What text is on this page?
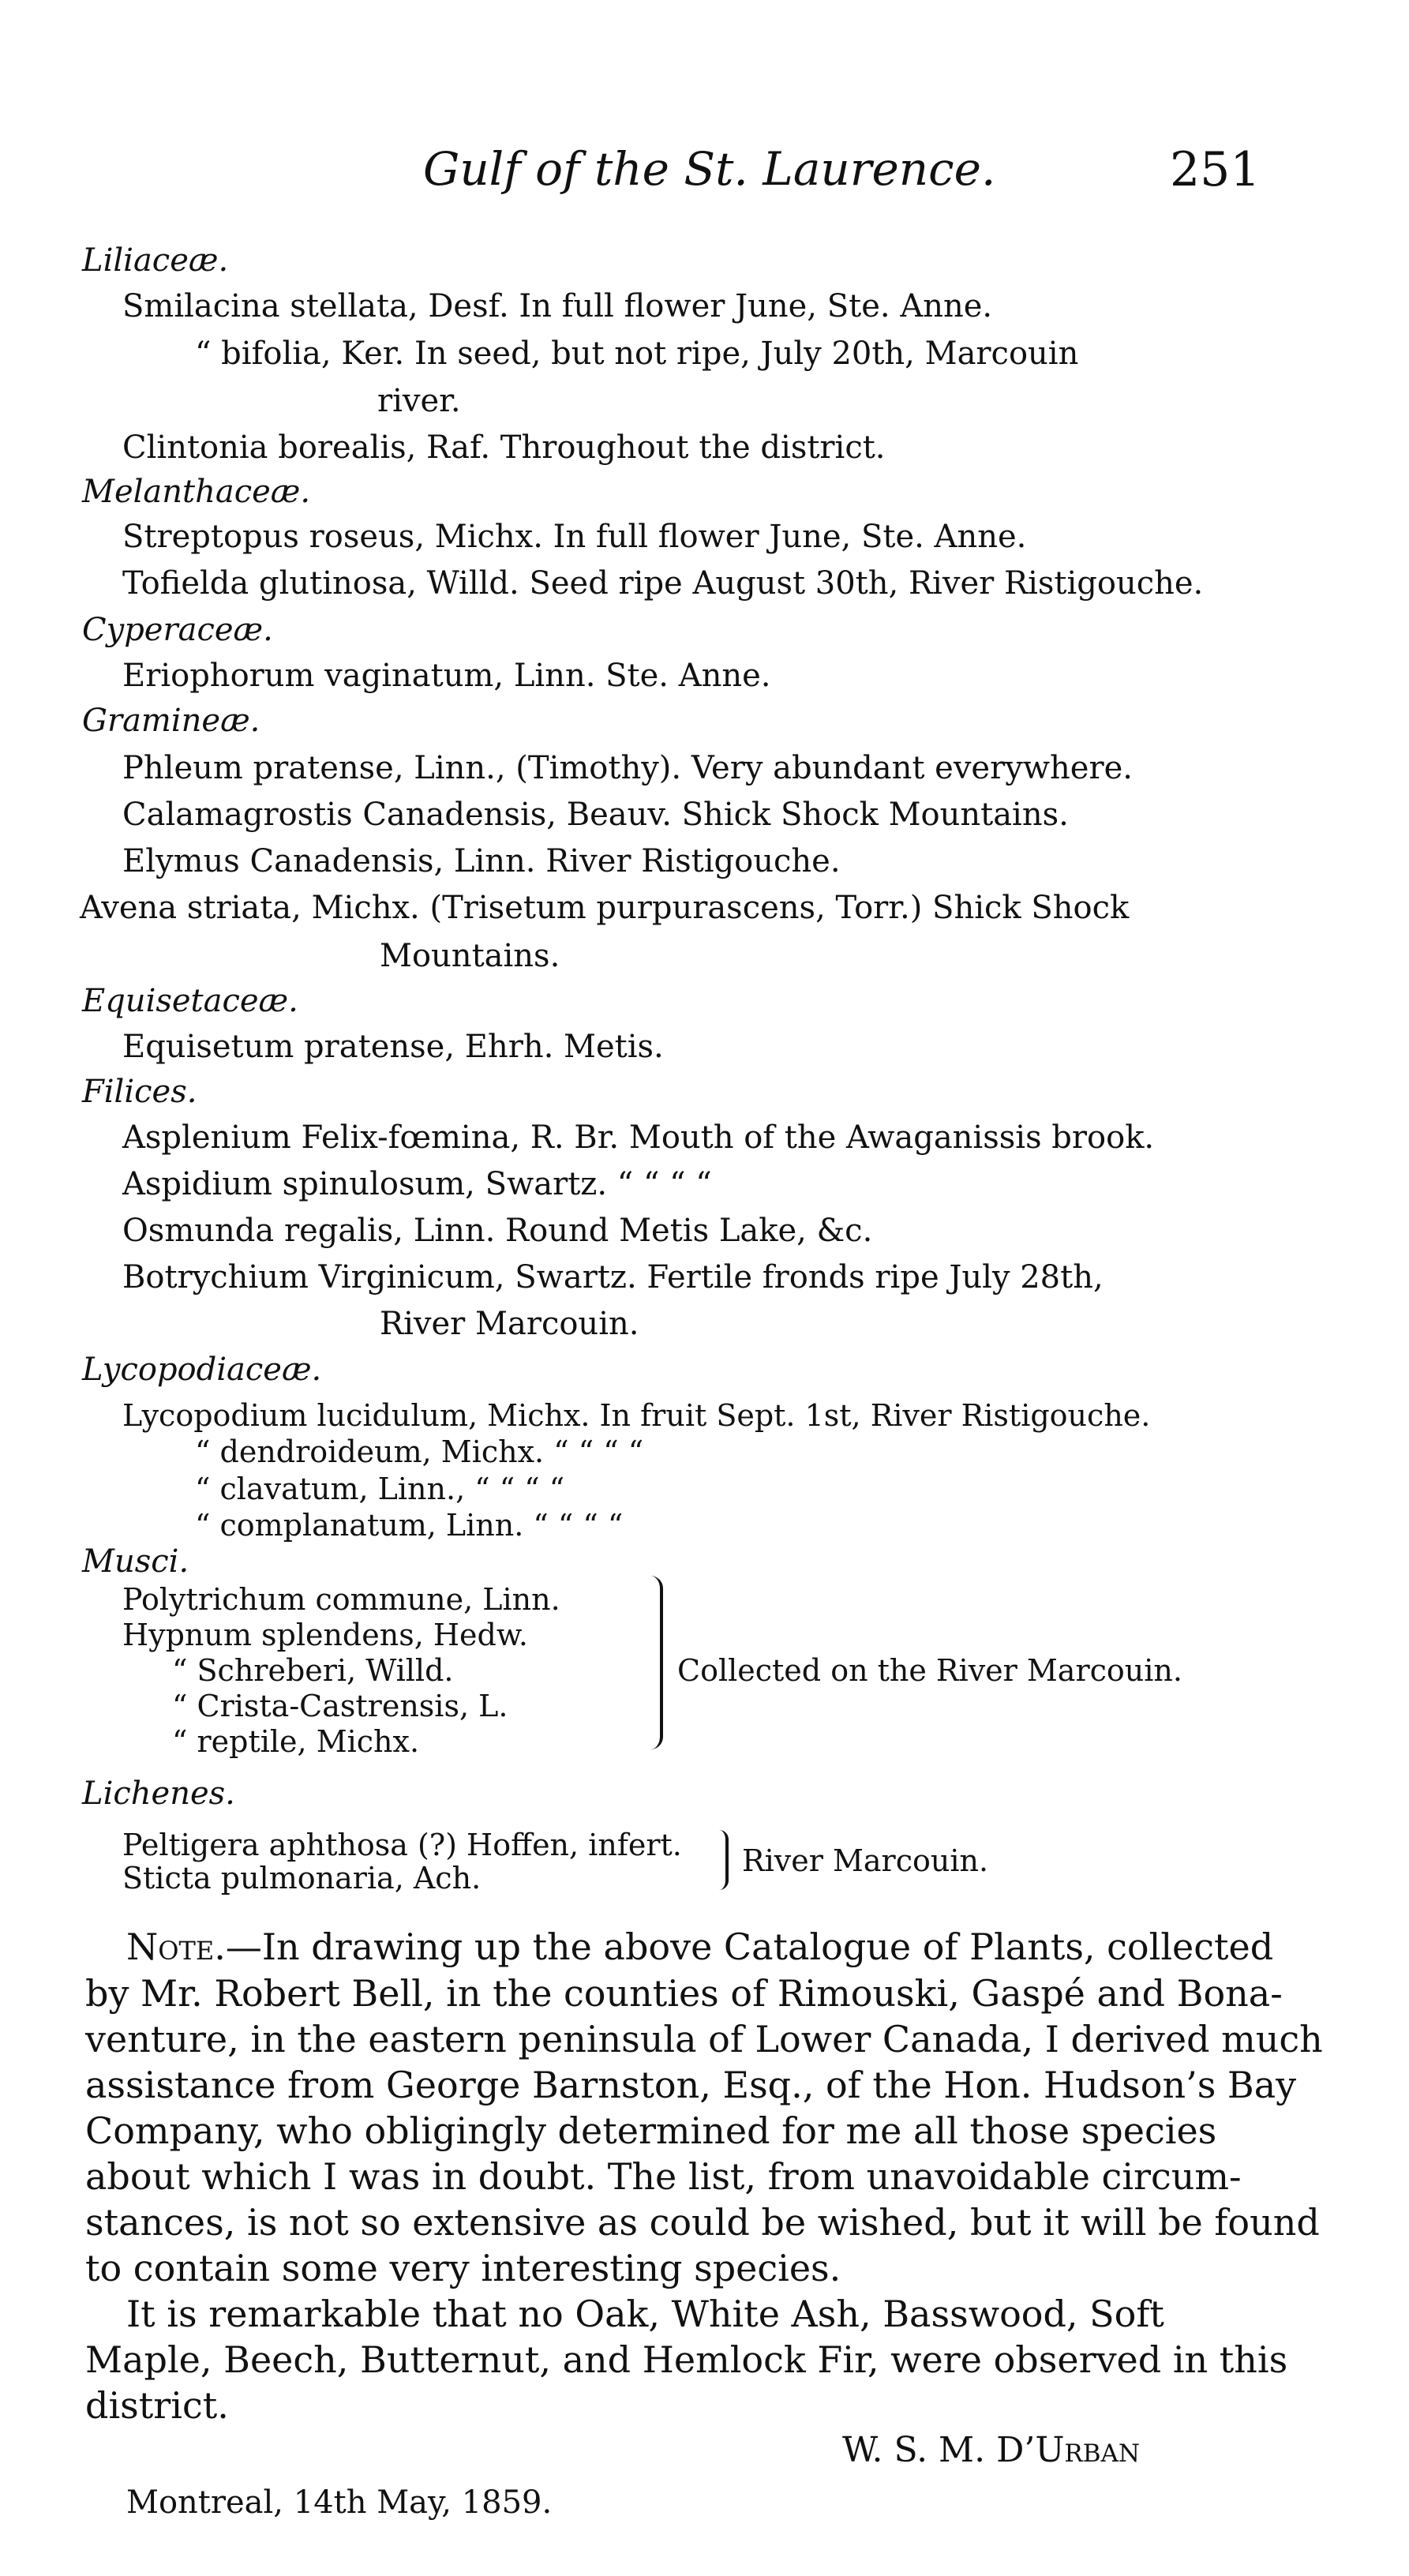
Gulf of the St. Laurence.	251
Liliaceæ.
Smilacina stellata, Desf. In full flower June, Ste. Anne.
“ bifolia, Ker. In seed, but not ripe, July 20th, Marcouin
river.
Clintonia borealis, Raf. Throughout the district.
Melanthaceæ.
Streptopus roseus, Michx. In full flower June, Ste. Anne.
Tofielda glutinosa, Willd. Seed ripe August 30th, River Ristigouche.
Cyperaceæ.
Eriophorum vaginatum, Linn. Ste. Anne.
Gramineæ.
Phleum pratense, Linn., (Timothy). Very abundant everywhere.
Calamagrostis Canadensis, Beauv. Shick Shock Mountains.
Elymus Canadensis, Linn. River Ristigouche.
Avena striata, Michx. (Trisetum purpurascens, Torr.) Shick Shock
Mountains.
Equisetaceæ.
Equisetum pratense, Ehrh. Metis.
Filices.
Asplenium Felix-fœmina, R. Br. Mouth of the Awaganissis brook.
Aspidium spinulosum, Swartz. “ “ “ “
Osmunda regalis, Linn. Round Metis Lake, &c.
Botrychium Virginicum, Swartz. Fertile fronds ripe July 28th,
River Marcouin.
Lycopodiaceæ.
Lycopodium lucidulum, Michx. In fruit Sept. 1st, River Ristigouche.
“ dendroideum, Michx. “ “ “ “
“ clavatum, Linn., “ “ “ “
“ complanatum, Linn. “ “ “ “
Musci.
Polytrichum commune, Linn.
Hypnum splendens, Hedw.
“ Schreberi, Willd.
“ Crista-Castrensis, L.
“ reptile, Michx.
Collected on the River Marcouin.
Lichenes.
Peltigera aphthosa (?) Hoffen, infert.
Sticta pulmonaria, Ach.	River Marcouin.
Note.—In drawing up the above Catalogue of Plants, collected
by Mr. Robert Bell, in the counties of Rimouski, Gaspé and Bona-
venture, in the eastern peninsula of Lower Canada, I derived much
assistance from George Barnston, Esq., of the Hon. Hudson’s Bay
Company, who obligingly determined for me all those species
about which I was in doubt. The list, from unavoidable circum-
stances, is not so extensive as could be wished, but it will be found
to contain some very interesting species.
It is remarkable that no Oak, White Ash, Basswood, Soft
Maple, Beech, Butternut, and Hemlock Fir, were observed in this
district.
W. S. M. D’Urban
Montreal, 14th May, 1859.
